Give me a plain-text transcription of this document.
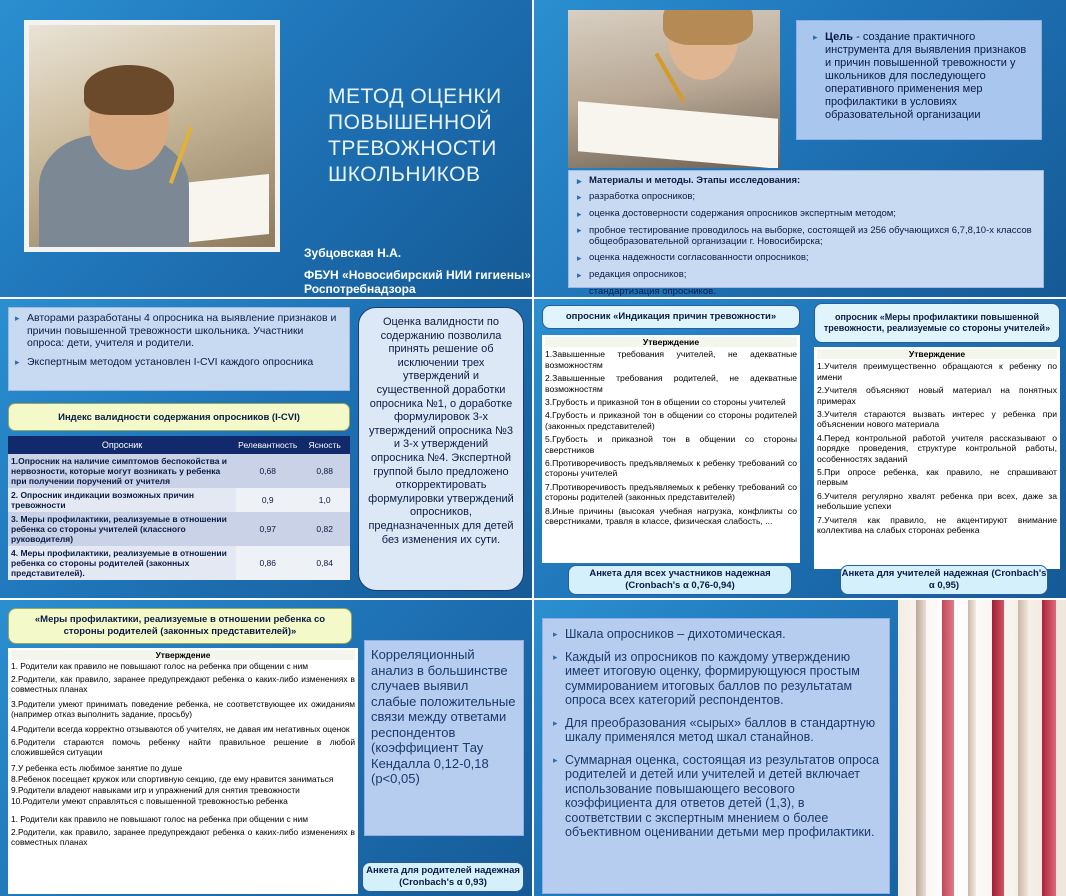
МЕТОД ОЦЕНКИ ПОВЫШЕННОЙ ТРЕВОЖНОСТИ ШКОЛЬНИКОВ
Зубцовская Н.А.
ФБУН «Новосибирский НИИ гигиены»
Роспотребнадзора
▸ Цель - создание практичного инструмента для выявления признаков и причин повышенной тревожности у школьников для последующего оперативного применения мер профилактики в условиях образовательной организации
▸ Материалы и методы. Этапы исследования:
▸ разработка опросников;
▸ оценка достоверности содержания опросников экспертным методом;
▸ пробное тестирование проводилось на выборке, состоящей из 256 обучающихся 6,7,8,10-х классов общеобразовательной организации г. Новосибирска;
▸ оценка надежности согласованности опросников;
▸ редакция опросников;
▸ стандартизация опросников.
▸ Авторами разработаны 4 опросника на выявление признаков и причин повышенной тревожности школьника. Участники опроса: дети, учителя и родители.
▸ Экспертным методом установлен I-CVI каждого опросника
Индекс валидности содержания опросников (I-CVI)
Опросник	Релевантность	Ясность
1.Опросник на наличие симптомов беспокойства и нервозности, которые могут возникать у ребенка при получении поручений от учителя	0,68	0,88
2. Опросник индикации возможных причин тревожности	0,9	1,0
3. Меры профилактики, реализуемые в отношении ребенка со стороны учителей (классного руководителя)	0,97	0,82
4. Меры профилактики, реализуемые в отношении ребенка со стороны родителей (законных представителей).	0,86	0,84
Оценка валидности по содержанию позволила принять решение об исключении трех утверждений и существенной доработки опросника №1, о доработке формулировок 3-х утверждений опросника №3 и 3-х утверждений опросника №4. Экспертной группой было предложено откорректировать формулировки утверждений опросников, предназначенных для детей без изменения их сути.
опросник «Индикация причин тревожности»
Утверждение
1.Завышенные требования учителей, не адекватные возможностям
2.Завышенные требования родителей, не адекватные возможностям
3.Грубость и приказной тон в общении со стороны учителей
4.Грубость и приказной тон в общении со стороны родителей (законных представителей)
5.Грубость и приказной тон в общении со стороны сверстников
6.Противоречивость предъявляемых к ребенку требований со стороны учителей
7.Противоречивость предъявляемых к ребенку требований со стороны родителей (законных представителей)
8.Иные причины (высокая учебная нагрузка, конфликты со сверстниками, травля в классе, физическая слабость, ...
Анкета для всех участников надежная (Cronbach's α 0,76-0,94)
опросник «Меры профилактики повышенной тревожности, реализуемые со стороны учителей»
Утверждение
1.Учителя преимущественно обращаются к ребенку по имени
2.Учителя объясняют новый материал на понятных примерах
3.Учителя стараются вызвать интерес у ребенка при объяснении нового материала
4.Перед контрольной работой учителя рассказывают о порядке проведения, структуре контрольной работы, особенностях заданий
5.При опросе ребенка, как правило, не спрашивают первым
6.Учителя регулярно хвалят ребенка при всех, даже за небольшие успехи
7.Учителя как правило, не акцентируют внимание коллектива на слабых сторонах ребенка
Анкета для учителей надежная (Cronbach's α 0,95)
«Меры профилактики, реализуемые в отношении ребенка со стороны родителей (законных представителей)»
Утверждение
1. Родители как правило не повышают голос на ребенка при общении с ним
2.Родители, как правило, заранее предупреждают ребенка о каких-либо изменениях в совместных планах
3.Родители умеют принимать поведение ребенка, не соответствующее их ожиданиям (например отказ выполнить задание, просьбу)
4.Родители всегда корректно отзываются об учителях, не давая им негативных оценок
6.Родители стараются помочь ребенку найти правильное решение в любой сложившейся ситуации
7.У ребенка есть любимое занятие по душе
8.Ребенок посещает кружок или спортивную секцию, где ему нравится заниматься
9.Родители владеют навыками игр и упражнений для снятия тревожности
10.Родители умеют справляться с повышенной тревожностью ребенка
1. Родители как правило не повышают голос на ребенка при общении с ним
2.Родители, как правило, заранее предупреждают ребенка о каких-либо изменениях в совместных планах
Корреляционный анализ в большинстве случаев выявил слабые положительные связи между ответами респондентов (коэффициент Тау Кендалла 0,12-0,18 (p<0,05)
Анкета для родителей надежная (Cronbach's α 0,93)
▸ Шкала опросников – дихотомическая.
▸ Каждый из опросников по каждому утверждению имеет итоговую оценку, формирующуюся простым суммированием итоговых баллов по результатам опроса всех категорий респондентов.
▸ Для преобразования «сырых» баллов в стандартную шкалу применялся метод шкал станайнов.
▸ Суммарная оценка, состоящая из результатов опроса родителей и детей или учителей и детей включает использование повышающего весового коэффициента для ответов детей (1,3), в соответствии с экспертным мнением о более объективном оценивании детьми мер профилактики.
